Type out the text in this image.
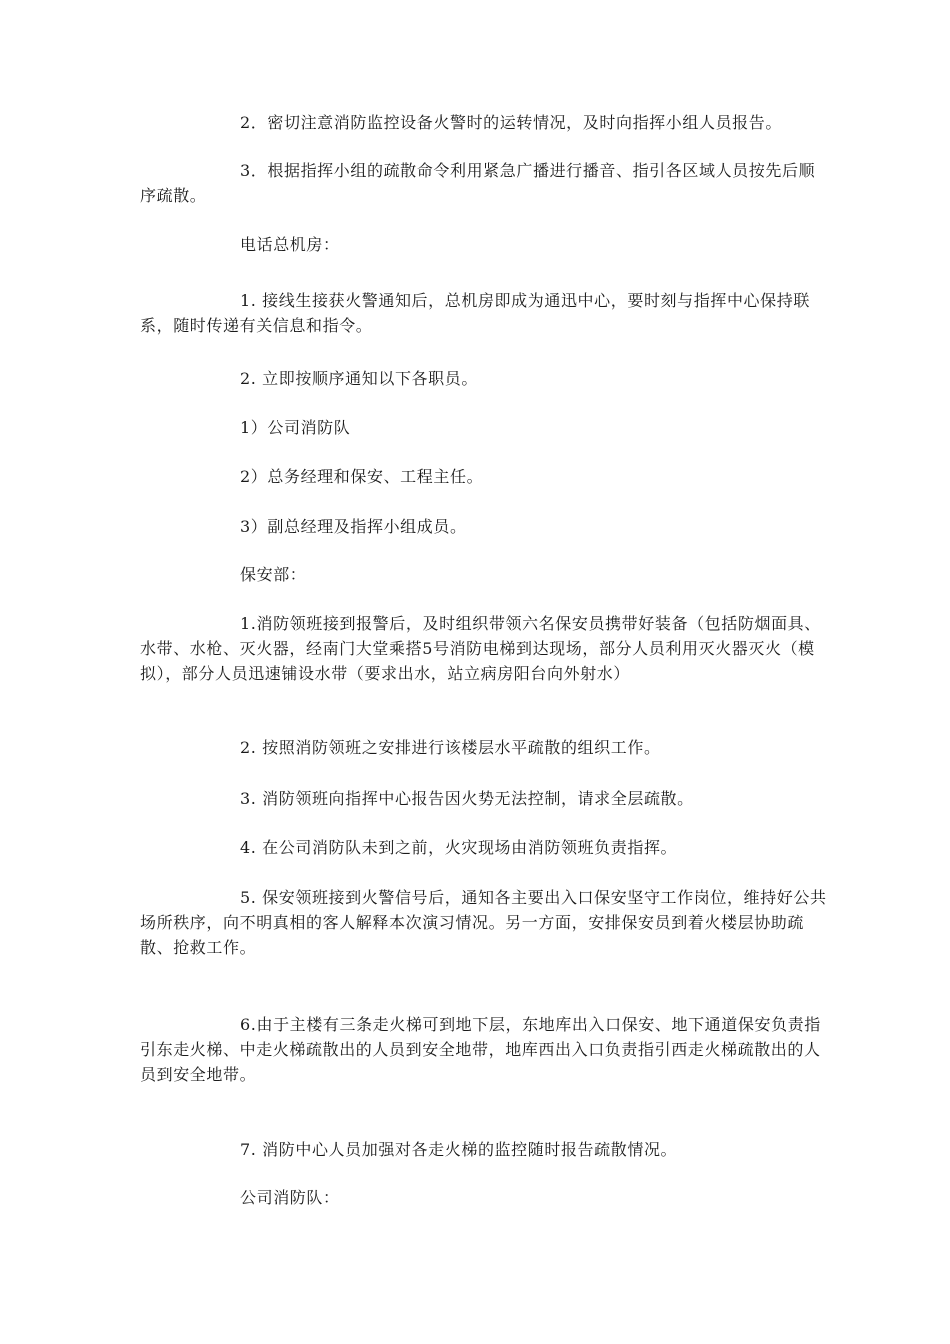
2．密切注意消防监控设备火警时的运转情况，及时向指挥小组人员报告。

3．根据指挥小组的疏散命令利用紧急广播进行播音、指引各区域人员按先后顺序疏散。

电话总机房：

1. 接线生接获火警通知后，总机房即成为通迅中心，要时刻与指挥中心保持联系，随时传递有关信息和指令。

2. 立即按顺序通知以下各职员。

1）公司消防队

2）总务经理和保安、工程主任。

3）副总经理及指挥小组成员。

保安部：

1.消防领班接到报警后，及时组织带领六名保安员携带好装备（包括防烟面具、水带、水枪、灭火器，经南门大堂乘搭5号消防电梯到达现场，部分人员利用灭火器灭火（模拟），部分人员迅速铺设水带（要求出水，站立病房阳台向外射水）

2. 按照消防领班之安排进行该楼层水平疏散的组织工作。

3. 消防领班向指挥中心报告因火势无法控制，请求全层疏散。

4. 在公司消防队未到之前，火灾现场由消防领班负责指挥。

5. 保安领班接到火警信号后，通知各主要出入口保安坚守工作岗位，维持好公共场所秩序，向不明真相的客人解释本次演习情况。另一方面，安排保安员到着火楼层协助疏散、抢救工作。

6.由于主楼有三条走火梯可到地下层，东地库出入口保安、地下通道保安负责指引东走火梯、中走火梯疏散出的人员到安全地带，地库西出入口负责指引西走火梯疏散出的人员到安全地带。

7. 消防中心人员加强对各走火梯的监控随时报告疏散情况。

公司消防队：
